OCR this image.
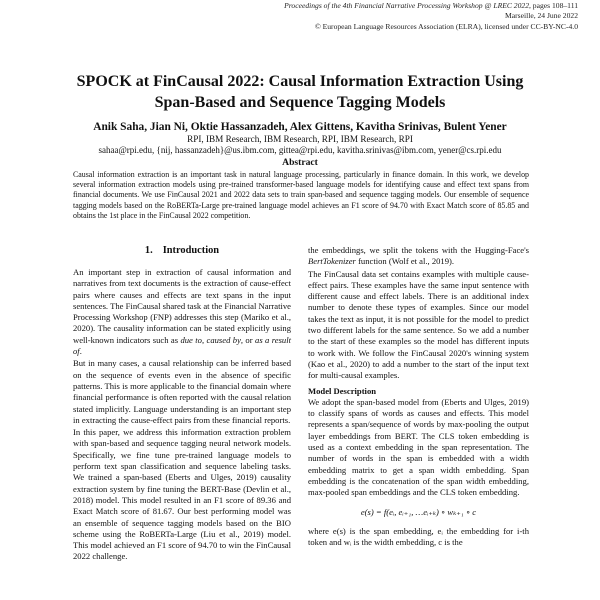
Proceedings of the 4th Financial Narrative Processing Workshop @ LREC 2022, pages 108–111
Marseille, 24 June 2022
© European Language Resources Association (ELRA), licensed under CC-BY-NC-4.0
SPOCK at FinCausal 2022: Causal Information Extraction Using
Span-Based and Sequence Tagging Models
Anik Saha, Jian Ni, Oktie Hassanzadeh, Alex Gittens, Kavitha Srinivas, Bulent Yener
RPI, IBM Research, IBM Research, RPI, IBM Research, RPI
sahaa@rpi.edu, {nij, hassanzadeh}@us.ibm.com, gittea@rpi.edu, kavitha.srinivas@ibm.com, yener@cs.rpi.edu
Abstract
Causal information extraction is an important task in natural language processing, particularly in finance domain. In this work, we develop several information extraction models using pre-trained transformer-based language models for identifying cause and effect text spans from financial documents. We use FinCausal 2021 and 2022 data sets to train span-based and sequence tagging models. Our ensemble of sequence tagging models based on the RoBERTa-Large pre-trained language model achieves an F1 score of 94.70 with Exact Match score of 85.85 and obtains the 1st place in the FinCausal 2022 competition.
1. Introduction
An important step in extraction of causal information and narratives from text documents is the extraction of cause-effect pairs where causes and effects are text spans in the input sentences. The FinCausal shared task at the Financial Narrative Processing Workshop (FNP) addresses this step (Mariko et al., 2020). The causality information can be stated explicitly using well-known indicators such as due to, caused by, or as a result of.
But in many cases, a causal relationship can be inferred based on the sequence of events even in the absence of specific patterns. This is more applicable to the financial domain where financial performance is often reported with the causal relation stated implicitly. Language understanding is an important step in extracting the cause-effect pairs from these financial reports.
In this paper, we address this information extraction problem with span-based and sequence tagging neural network models. Specifically, we fine tune pre-trained language models to perform text span classification and sequence labeling tasks. We trained a span-based (Eberts and Ulges, 2019) causality extraction system by fine tuning the BERT-Base (Devlin et al., 2018) model. This model resulted in an F1 score of 89.36 and Exact Match score of 81.67. Our best performing model was an ensemble of sequence tagging models based on the BIO scheme using the RoBERTa-Large (Liu et al., 2019) model. This model achieved an F1 score of 94.70 to win the FinCausal 2022 challenge.
the embeddings, we split the tokens with the Hugging-Face's BertTokenizer function (Wolf et al., 2019).
The FinCausal data set contains examples with multiple cause-effect pairs. These examples have the same input sentence with different cause and effect labels. There is an additional index number to denote these types of examples. Since our model takes the text as input, it is not possible for the model to predict two different labels for the same sentence. So we add a number to the start of these examples so the model has different inputs to work with. We follow the FinCausal 2020's winning system (Kao et al., 2020) to add a number to the start of the input text for multi-causal examples.
Model Description
We adopt the span-based model from (Eberts and Ulges, 2019) to classify spans of words as causes and effects. This model represents a span/sequence of words by max-pooling the output layer embeddings from BERT. The CLS token embedding is used as a context embedding in the span representation. The number of words in the span is embedded with a width embedding matrix to get a span width embedding. Span embedding is the concatenation of the span width embedding, max-pooled span embeddings and the CLS token embedding.
e(s) = f(eᵢ, eᵢ₊₁, …eᵢ₊ₖ) ∘ wₖ₊₁ ∘ c
where e(s) is the span embedding, eᵢ the embedding for i-th token and wᵢ is the width embedding, c is the
